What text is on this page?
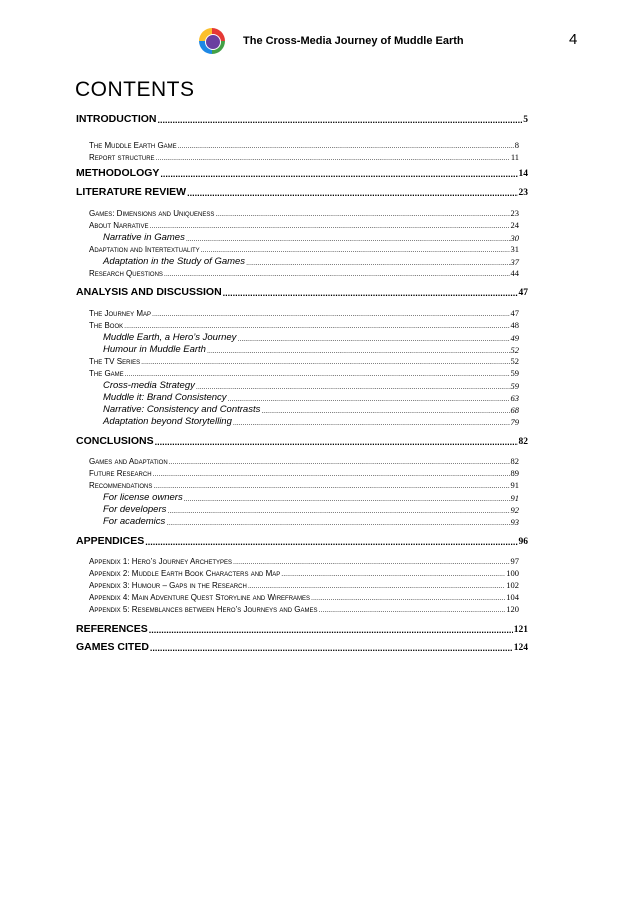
The Cross-Media Journey of Muddle Earth	4
CONTENTS
INTRODUCTION .....	5
The Muddle Earth Game .....	8
Report structure .....	11
METHODOLOGY .....	14
LITERATURE REVIEW .....	23
Games: Dimensions and Uniqueness .....	23
About Narrative .....	24
Narrative in Games .....	30
Adaptation and Intertextuality .....	31
Adaptation in the Study of Games .....	37
Research Questions .....	44
ANALYSIS AND DISCUSSION .....	47
The Journey Map .....	47
The Book .....	48
Muddle Earth, a Hero’s Journey .....	49
Humour in Muddle Earth .....	52
The TV Series .....	52
The Game .....	59
Cross-media Strategy .....	59
Muddle it: Brand Consistency .....	63
Narrative: Consistency and Contrasts .....	68
Adaptation beyond Storytelling .....	79
CONCLUSIONS .....	82
Games and Adaptation .....	82
Future Research .....	89
Recommendations .....	91
For license owners .....	91
For developers .....	92
For academics .....	93
APPENDICES .....	96
Appendix 1: Hero’s Journey Archetypes .....	97
Appendix 2: Muddle Earth Book Characters and Map .....	100
Appendix 3: Humour – Gaps in the Research .....	102
Appendix 4: Main Adventure Quest Storyline and Wireframes .....	104
Appendix 5: Resemblances between Hero’s Journeys and Games .....	120
REFERENCES .....	121
GAMES CITED .....	124
